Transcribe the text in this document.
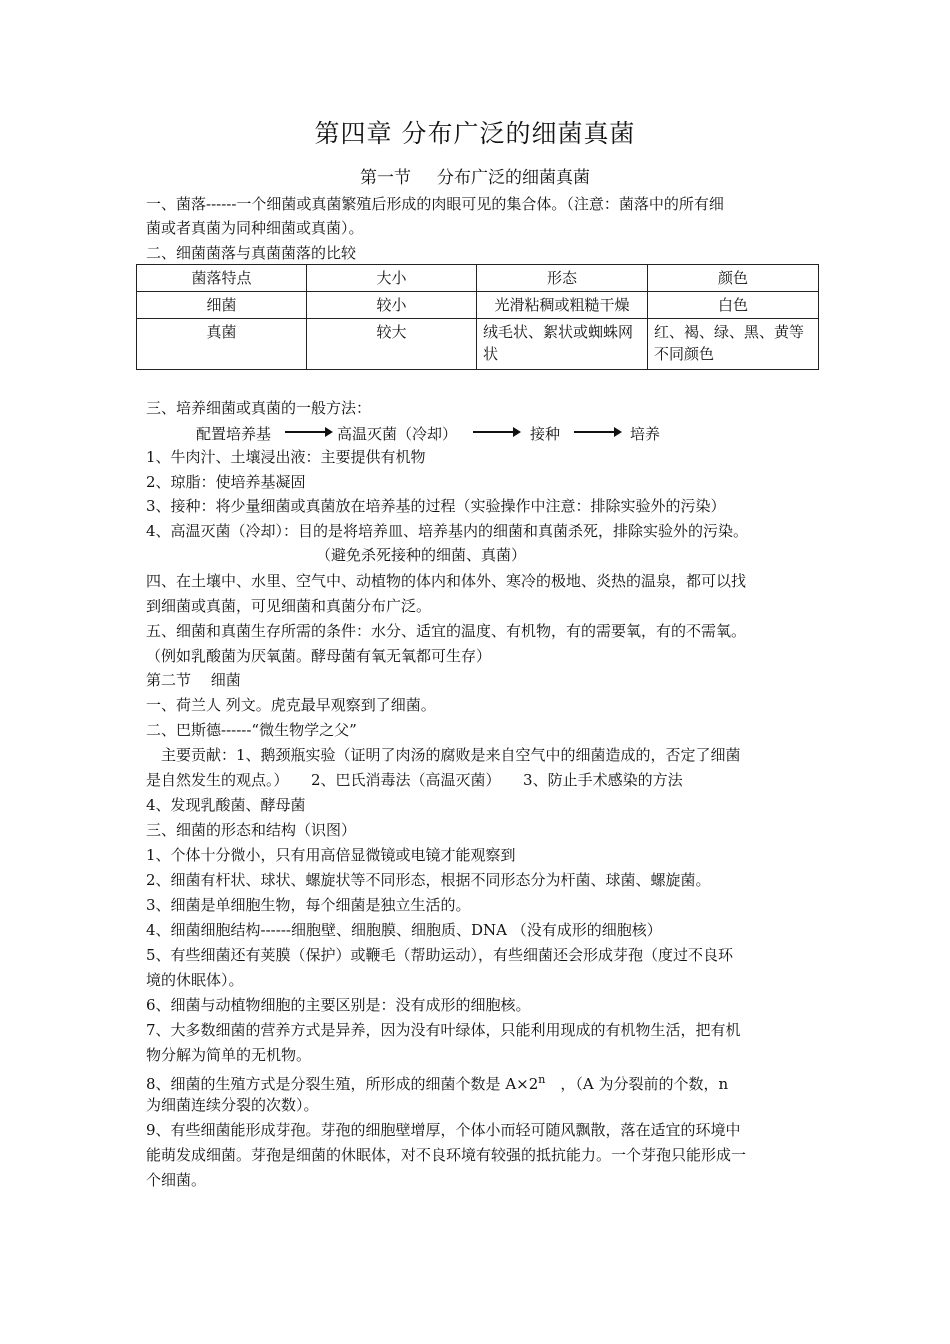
第四章 分布广泛的细菌真菌
第一节 分布广泛的细菌真菌
一、菌落------一个细菌或真菌繁殖后形成的肉眼可见的集合体。（注意：菌落中的所有细
菌或者真菌为同种细菌或真菌）。
二、细菌菌落与真菌菌落的比较
菌落特点	大小	形态	颜色
细菌	较小	光滑粘稠或粗糙干燥	白色
真菌	较大	绒毛状、絮状或蜘蛛网状	红、褐、绿、黑、黄等不同颜色
三、培养细菌或真菌的一般方法：
配置培养基	高温灭菌（冷却）	接种	培养
1、牛肉汁、土壤浸出液：主要提供有机物
2、琼脂：使培养基凝固
3、接种：将少量细菌或真菌放在培养基的过程（实验操作中注意：排除实验外的污染）
4、高温灭菌（冷却）：目的是将培养皿、培养基内的细菌和真菌杀死，排除实验外的污染。
（避免杀死接种的细菌、真菌）
四、在土壤中、水里、空气中、动植物的体内和体外、寒冷的极地、炎热的温泉，都可以找
到细菌或真菌，可见细菌和真菌分布广泛。
五、细菌和真菌生存所需的条件：水分、适宜的温度、有机物，有的需要氧，有的不需氧。
（例如乳酸菌为厌氧菌。酵母菌有氧无氧都可生存）
第二节　 细菌
一、荷兰人 列文。虎克最早观察到了细菌。
二、巴斯德------“微生物学之父”
　主要贡献：1、鹅颈瓶实验（证明了肉汤的腐败是来自空气中的细菌造成的，否定了细菌
是自然发生的观点。）　　2、巴氏消毒法（高温灭菌）　　3、防止手术感染的方法
4、发现乳酸菌、酵母菌
三、细菌的形态和结构（识图）
1、个体十分微小，只有用高倍显微镜或电镜才能观察到
2、细菌有杆状、球状、螺旋状等不同形态，根据不同形态分为杆菌、球菌、螺旋菌。
3、细菌是单细胞生物，每个细菌是独立生活的。
4、细菌细胞结构------细胞壁、细胞膜、细胞质、DNA （没有成形的细胞核）
5、有些细菌还有荚膜（保护）或鞭毛（帮助运动），有些细菌还会形成芽孢（度过不良环
境的休眠体）。
6、细菌与动植物细胞的主要区别是：没有成形的细胞核。
7、大多数细菌的营养方式是异养，因为没有叶绿体，只能利用现成的有机物生活，把有机
物分解为简单的无机物。
8、细菌的生殖方式是分裂生殖，所形成的细菌个数是 $A\times 2^n$　，（A 为分裂前的个数，n
为细菌连续分裂的次数）。
9、有些细菌能形成芽孢。芽孢的细胞壁增厚，个体小而轻可随风飘散，落在适宜的环境中
能萌发成细菌。芽孢是细菌的休眠体，对不良环境有较强的抵抗能力。一个芽孢只能形成一
个细菌。
